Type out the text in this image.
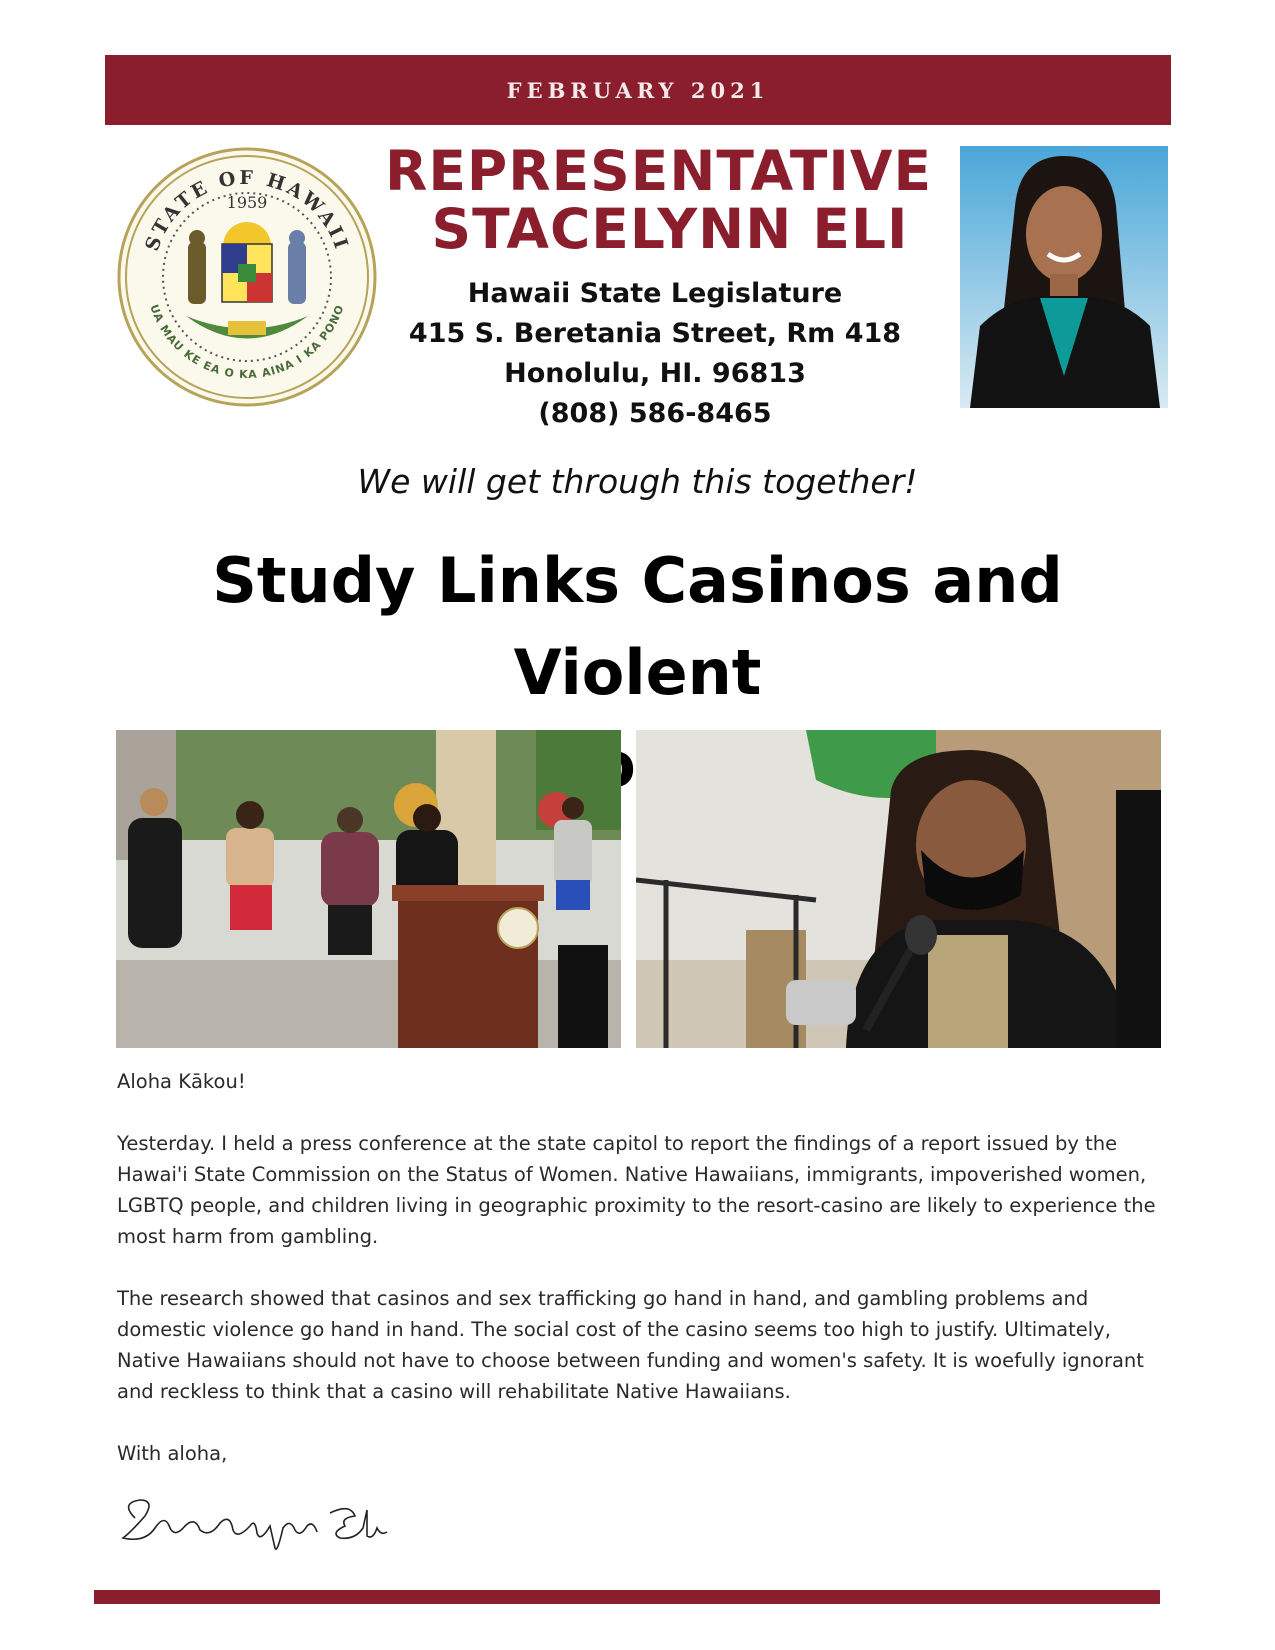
FEBRUARY 2021
STATE OF HAWAII
UA MAU KE EA O KA AINA I KA PONO
1959 REPRESENTATIVE
STACELYNN ELI
Hawaii State Legislature
415 S. Beretania Street, Rm 418
Honolulu, HI. 96813
(808) 586-8465
We will get through this together!
Study Links Casinos and Violent

Aloha Kākou!

Yesterday. I held a press conference at the state capitol to report the findings of a report issued by the Hawai'i State Commission on the Status of Women. Native Hawaiians, immigrants, impoverished women, LGBTQ people, and children living in geographic proximity to the resort-casino are likely to experience the most harm from gambling.

The research showed that casinos and sex trafficking go hand in hand, and gambling problems and domestic violence go hand in hand. The social cost of the casino seems too high to justify. Ultimately, Native Hawaiians should not have to choose between funding and women's safety. It is woefully ignorant and reckless to think that a casino will rehabilitate Native Hawaiians.

With aloha,
